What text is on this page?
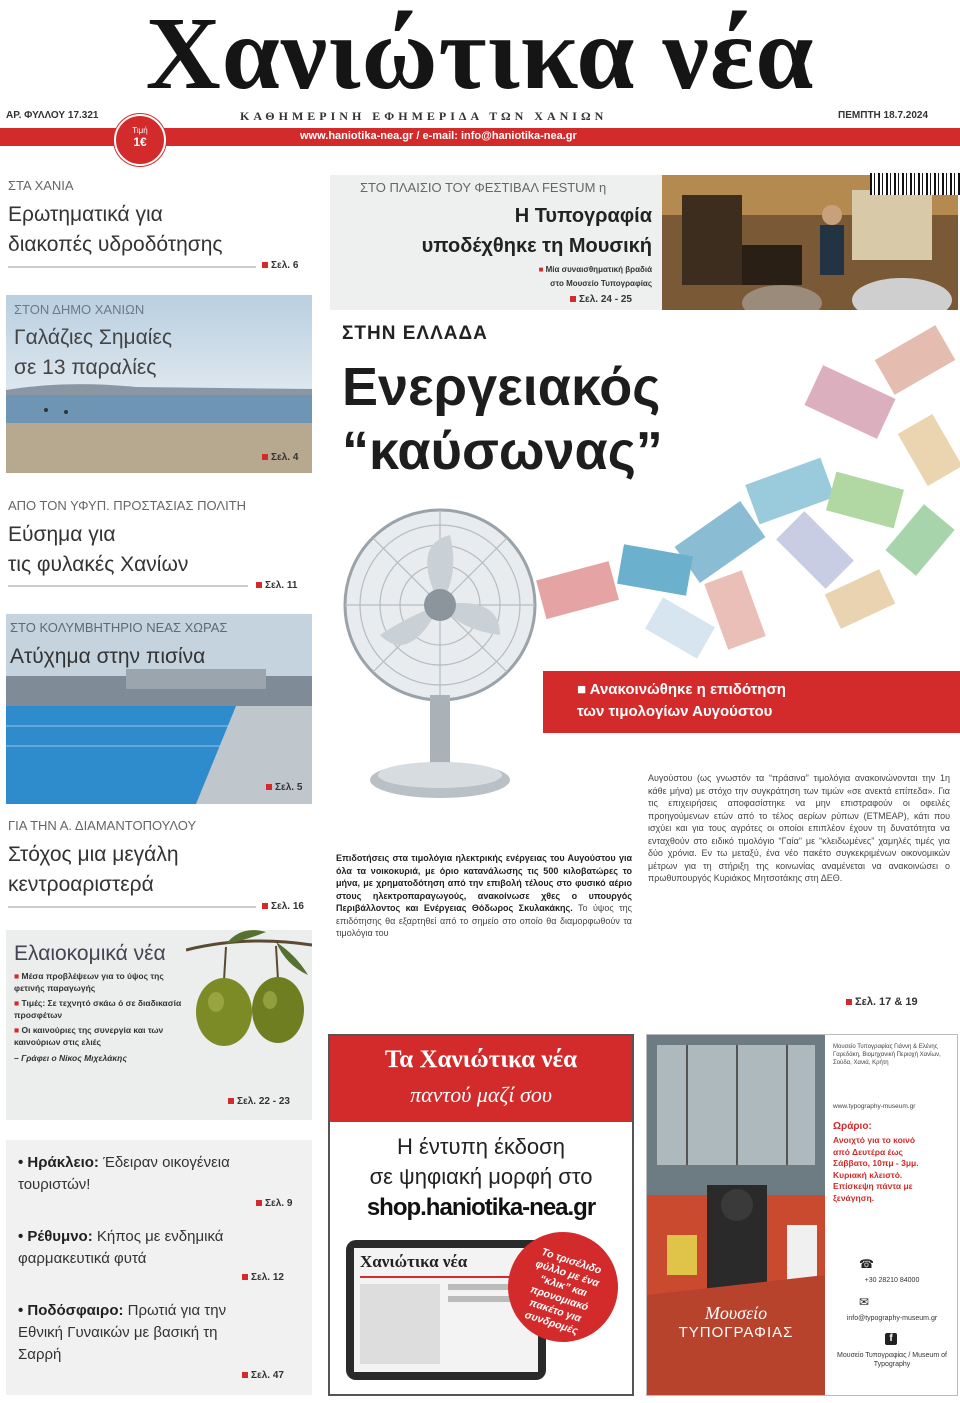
Χανιώτικα νέα
ΑΡ. ΦΥΛΛΟΥ 17.321	ΚΑΘΗΜΕΡΙΝΗ ΕΦΗΜΕΡΙΔΑ ΤΩΝ ΧΑΝΙΩΝ	ΠΕΜΠΤΗ 18.7.2024
www.haniotika-nea.gr / e-mail: info@haniotika-nea.gr
Τιμή
1€
ΣΤΑ ΧΑΝΙΑ
Ερωτηματικά για
διακοπές υδροδότησης
Σελ. 6
ΣΤΟΝ ΔΗΜΟ ΧΑΝΙΩΝ
Γαλάζιες Σημαίες
σε 13 παραλίες
Σελ. 4
ΑΠΟ ΤΟΝ ΥΦΥΠ. ΠΡΟΣΤΑΣΙΑΣ ΠΟΛΙΤΗ
Εύσημα για
τις φυλακές Χανίων
Σελ. 11
ΣΤΟ ΚΟΛΥΜΒΗΤΗΡΙΟ ΝΕΑΣ ΧΩΡΑΣ
Ατύχημα στην πισίνα
Σελ. 5
ΓΙΑ ΤΗΝ Α. ΔΙΑΜΑΝΤΟΠΟΥΛΟΥ
Στόχος μια μεγάλη
κεντροαριστερά
Σελ. 16
Ελαιοκομικά νέα
■ Μέσα προβλέψεων για το ύψος της φετινής παραγωγής
■ Τιμές: Σε τεχνητό σκάω ό σε διαδικασία προσφέτων
■ Οι καινούριες της συνεργία και των καινούριων στις ελιές
– Γράφει ο Νίκος Μιχελάκης
Σελ. 22 - 23
• Ηράκλειο: Έδειραν οικογένεια τουριστών!
Σελ. 9
• Ρέθυμνο: Κήπος με ενδημικά φαρμακευτικά φυτά
Σελ. 12
• Ποδόσφαιρο: Πρωτιά για την Εθνική Γυναικών με βασική τη Σαρρή
Σελ. 47
ΣΤΟ ΠΛΑΙΣΙΟ ΤΟΥ ΦΕΣΤΙΒΑΛ FESTUM η
Η Τυπογραφία
υποδέχθηκε τη Μουσική
■ Μία συναισθηματική βραδιά
στο Μουσείο Τυπογραφίας
Σελ. 24 - 25
ΣΤΗΝ ΕΛΛΑΔΑ
Ενεργειακός
“καύσωνας”
■ Ανακοινώθηκε η επιδότηση
των τιμολογίων Αυγούστου
Επιδοτήσεις στα τιμολόγια ηλεκτρικής ενέργειας του Αυγούστου για όλα τα νοικοκυριά, με όριο κατανάλωσης τις 500 κιλοβατώρες το μήνα, με χρηματοδότηση από την επιβολή τέλους στο φυσικό αέριο στους ηλεκτροπαραγωγούς, ανακοίνωσε χθες ο υπουργός Περιβάλλοντος και Ενέργειας Θόδωρος Σκυλακάκης. Το ύψος της επιδότησης θα εξαρτηθεί από το σημείο στο οποίο θα διαμορφωθούν τα τιμολόγια του
Αυγούστου (ως γνωστόν τα “πράσινα” τιμολόγια ανακοινώνονται την 1η κάθε μήνα) με στόχο την συγκράτηση των τιμών «σε ανεκτά επίπεδα». Για τις επιχειρήσεις αποφασίστηκε να μην επιστραφούν οι οφειλές προηγούμενων ετών από το τέλος αερίων ρύπων (ΕΤΜΕΑΡ), κάτι που ισχύει και για τους αγρότες οι οποίοι επιπλέον έχουν τη δυνατότητα να ενταχθούν στο ειδικό τιμολόγιο “Γαία” με “κλειδωμένες” χαμηλές τιμές για δύο χρόνια. Εν τω μεταξύ, ένα νέο πακέτο συγκεκριμένων οικονομικών μέτρων για τη στήριξη της κοινωνίας αναμένεται να ανακοινώσει ο πρωθυπουργός Κυριάκος Μητσοτάκης στη ΔΕΘ.
Σελ. 17 & 19
Τα Χανιώτικα νέα
παντού μαζί σου
Η έντυπη έκδοση
σε ψηφιακή μορφή στο
shop.haniotika-nea.gr
Χανιώτικα νέα	Το τρισέλιδο φύλλο με ένα “κλικ” και προνομιακό πακέτο για συνδρομές	Μουσείο
ΤΥΠΟΓΡΑΦΙΑΣ
Μουσείο Τυπογραφίας Γιάννη & Ελένης Γαρεδάκη, Βιομηχανική Περιοχή Χανίων, Σούδα, Χανιά, Κρήτη
www.typography-museum.gr
Ωράριο:
Ανοιχτό για το κοινό από Δευτέρα έως Σάββατο, 10πμ - 3μμ. Κυριακή κλειστό. Επίσκεψη πάντα με ξενάγηση.
☎
+30 28210 84000
✉
info@typography-museum.gr
f
Μουσείο Τυπογραφίας / Museum of Typography
